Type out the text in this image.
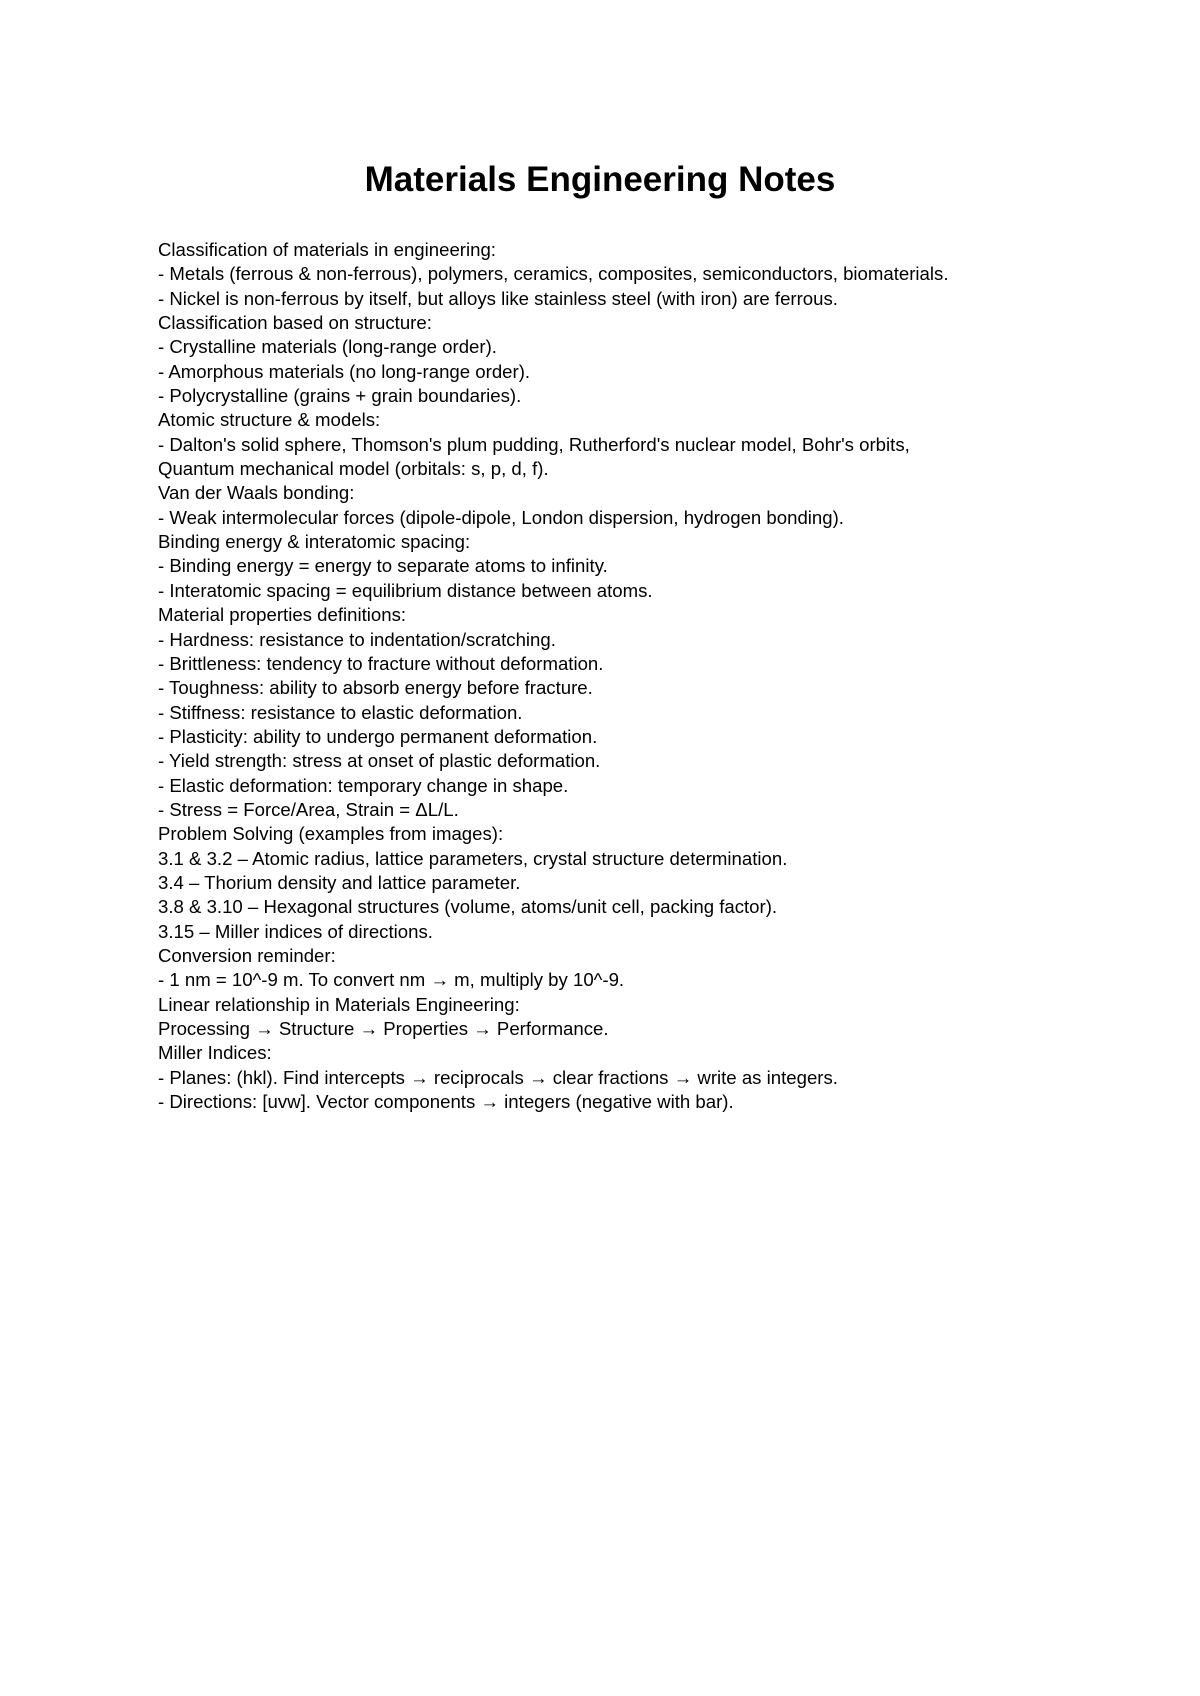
Materials Engineering Notes
Classification of materials in engineering:
- Metals (ferrous & non-ferrous), polymers, ceramics, composites, semiconductors, biomaterials.
- Nickel is non-ferrous by itself, but alloys like stainless steel (with iron) are ferrous.
Classification based on structure:
- Crystalline materials (long-range order).
- Amorphous materials (no long-range order).
- Polycrystalline (grains + grain boundaries).
Atomic structure & models:
- Dalton's solid sphere, Thomson's plum pudding, Rutherford's nuclear model, Bohr's orbits,
Quantum mechanical model (orbitals: s, p, d, f).
Van der Waals bonding:
- Weak intermolecular forces (dipole-dipole, London dispersion, hydrogen bonding).
Binding energy & interatomic spacing:
- Binding energy = energy to separate atoms to infinity.
- Interatomic spacing = equilibrium distance between atoms.
Material properties definitions:
- Hardness: resistance to indentation/scratching.
- Brittleness: tendency to fracture without deformation.
- Toughness: ability to absorb energy before fracture.
- Stiffness: resistance to elastic deformation.
- Plasticity: ability to undergo permanent deformation.
- Yield strength: stress at onset of plastic deformation.
- Elastic deformation: temporary change in shape.
- Stress = Force/Area, Strain = ΔL/L.
Problem Solving (examples from images):
3.1 & 3.2 – Atomic radius, lattice parameters, crystal structure determination.
3.4 – Thorium density and lattice parameter.
3.8 & 3.10 – Hexagonal structures (volume, atoms/unit cell, packing factor).
3.15 – Miller indices of directions.
Conversion reminder:
- 1 nm = 10^-9 m. To convert nm → m, multiply by 10^-9.
Linear relationship in Materials Engineering:
Processing → Structure → Properties → Performance.
Miller Indices:
- Planes: (hkl). Find intercepts → reciprocals → clear fractions → write as integers.
- Directions: [uvw]. Vector components → integers (negative with bar).
